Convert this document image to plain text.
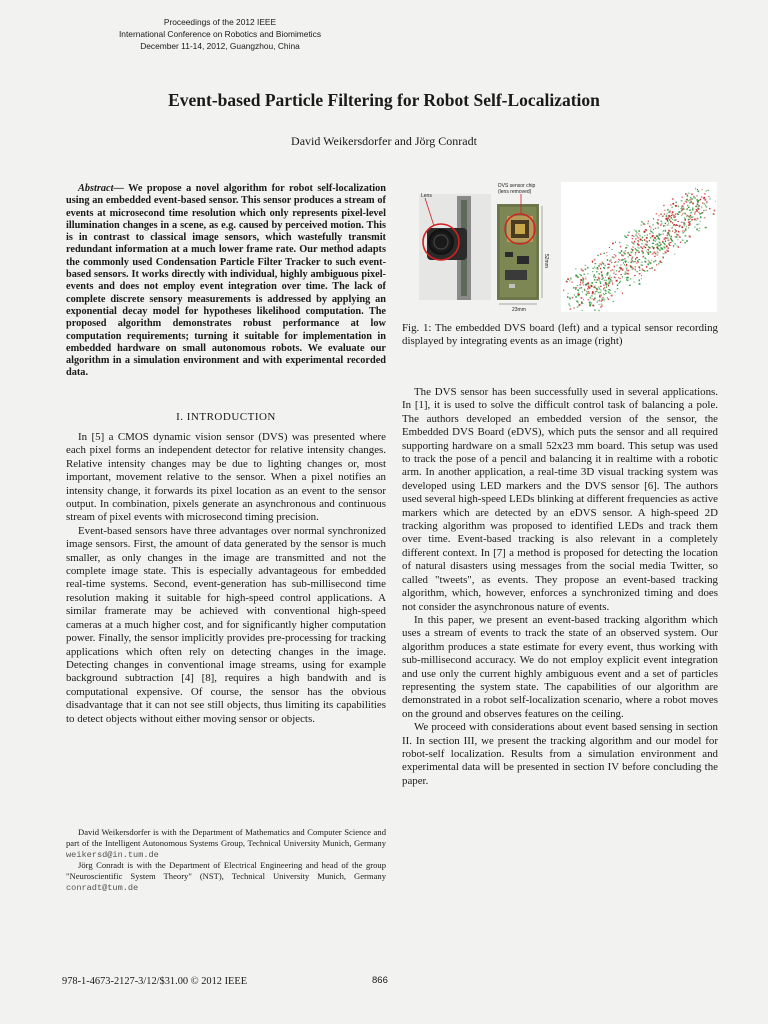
Proceedings of the 2012 IEEE
International Conference on Robotics and Biomimetics
December 11-14, 2012, Guangzhou, China
Event-based Particle Filtering for Robot Self-Localization
David Weikersdorfer and Jörg Conradt
Abstract— We propose a novel algorithm for robot self-localization using an embedded event-based sensor. This sensor produces a stream of events at microsecond time resolution which only represents pixel-level illumination changes in a scene, as e.g. caused by perceived motion. This is in contrast to classical image sensors, which wastefully transmit redundant information at a much lower frame rate. Our method adapts the commonly used Condensation Particle Filter Tracker to such event-based sensors. It works directly with individual, highly ambiguous pixel-events and does not employ event integration over time. The lack of complete discrete sensory measurements is addressed by applying an exponential decay model for hypotheses likelihood computation. The proposed algorithm demonstrates robust performance at low computation requirements; turning it suitable for implementation in embedded hardware on small autonomous robots. We evaluate our algorithm in a simulation environment and with experimental recorded data.
I. INTRODUCTION

In [5] a CMOS dynamic vision sensor (DVS) was presented where each pixel forms an independent detector for relative intensity changes. Relative intensity changes may be due to lighting changes or, most important, movement relative to the sensor. When a pixel notifies an intensity change, it forwards its pixel location as an event to the sensor output. In combination, pixels generate an asynchronous and continuous stream of pixel events with microsecond timing precision.

Event-based sensors have three advantages over normal synchronized image sensors. First, the amount of data generated by the sensor is much smaller, as only changes in the image are transmitted and not the complete image state. This is especially advantageous for embedded real-time systems. Second, event-generation has sub-millisecond time resolution making it suitable for high-speed control applications. A similar framerate may be achieved with conventional high-speed cameras at a much higher cost, and for significantly higher computation power. Finally, the sensor implicitly provides pre-processing for tracking applications which often rely on detecting changes in the image. Detecting changes in conventional image streams, using for example background subtraction [4] [8], requires a high bandwith and is computational expensive. Of course, the sensor has the obvious disadvantage that it can not see still objects, thus limiting its capabilities to detect objects without either moving sensor or objects.

David Weikersdorfer is with the Department of Mathematics and Computer Science and part of the Intelligent Autonomous Systems Group, Technical University Munich, Germany weikersd@in.tum.de

Jörg Conradt is with the Department of Electrical Engineering and head of the group "Neuroscientific System Theory" (NST), Technical University Munich, Germany conradt@tum.de

Lens
DVS sensor chip
(lens removed)
52mm
23mm
Fig. 1: The embedded DVS board (left) and a typical sensor recording displayed by integrating events as an image (right)

The DVS sensor has been successfully used in several applications. In [1], it is used to solve the difficult control task of balancing a pole. The authors developed an embedded version of the sensor, the Embedded DVS Board (eDVS), which puts the sensor and all required supporting hardware on a small 52x23 mm board. This setup was used to track the pose of a pencil and balancing it in realtime with a robotic arm. In another application, a real-time 3D visual tracking system was developed using LED markers and the DVS sensor [6]. The authors used several high-speed LEDs blinking at different frequencies as active markers which are detected by an eDVS sensor. A high-speed 2D tracking algorithm was proposed to identified LEDs and track them over time. Event-based tracking is also relevant in a completely different context. In [7] a method is proposed for detecting the location of natural disasters using messages from the social media Twitter, so called "tweets", as events. They propose an event-based tracking algorithm, which, however, enforces a synchronized timing and does not consider the asynchronous nature of events.

In this paper, we present an event-based tracking algorithm which uses a stream of events to track the state of an observed system. Our algorithm produces a state estimate for every event, thus working with sub-millisecond accuracy. We do not employ explicit event integration and use only the current highly ambiguous event and a set of particles representing the system state. The capabilities of our algorithm are demonstrated in a robot self-localization scenario, where a robot moves on the ground and observes features on the ceiling.

We proceed with considerations about event based sensing in section II. In section III, we present the tracking algorithm and our model for robot-self localization. Results from a simulation environment and experimental data will be presented in section IV before concluding the paper.

978-1-4673-2127-3/12/$31.00 © 2012 IEEE	866
